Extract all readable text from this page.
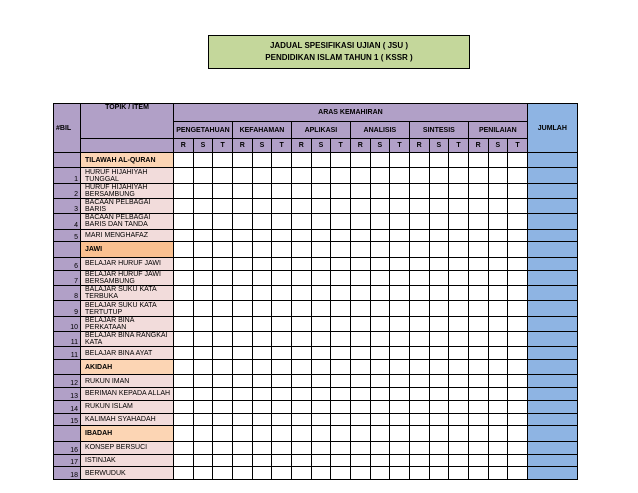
JADUAL SPESIFIKASI UJIAN ( JSU )
PENDIDIKAN ISLAM TAHUN 1 ( KSSR )
#BIL	TOPIK / ITEM	ARAS KEMAHIRAN																		JUMLAH
		PENGETAHUAN			KEFAHAMAN			APLIKASI			ANALISIS			SINTESIS			PENILAIAN			
		R	S	T	R	S	T	R	S	T	R	S	T	R	S	T	R	S	T	
	TILAWAH AL-QURAN																			
1	HURUF HIJAHIYAH TUNGGAL																			
2	HURUF HIJAHIYAH BERSAMBUNG																			
3	BACAAN PELBAGAI BARIS																			
4	BACAAN PELBAGAI BARIS DAN TANDA																			
5	MARI MENGHAFAZ																			
	JAWI																			
6	BELAJAR HURUF JAWI																			
7	BELAJAR HURUF JAWI BERSAMBUNG																			
8	BALAJAR SUKU KATA TERBUKA																			
9	BELAJAR SUKU KATA TERTUTUP																			
10	BELAJAR BINA PERKATAAN																			
11	BELAJAR BINA RANGKAI KATA																			
11	BELAJAR BINA AYAT																			
	AKIDAH																			
12	RUKUN IMAN																			
13	BERIMAN KEPADA ALLAH																			
14	RUKUN ISLAM																			
15	KALIMAH SYAHADAH																			
	IBADAH																			
16	KONSEP BERSUCI																			
17	ISTINJAK																			
18	BERWUDUK																			
